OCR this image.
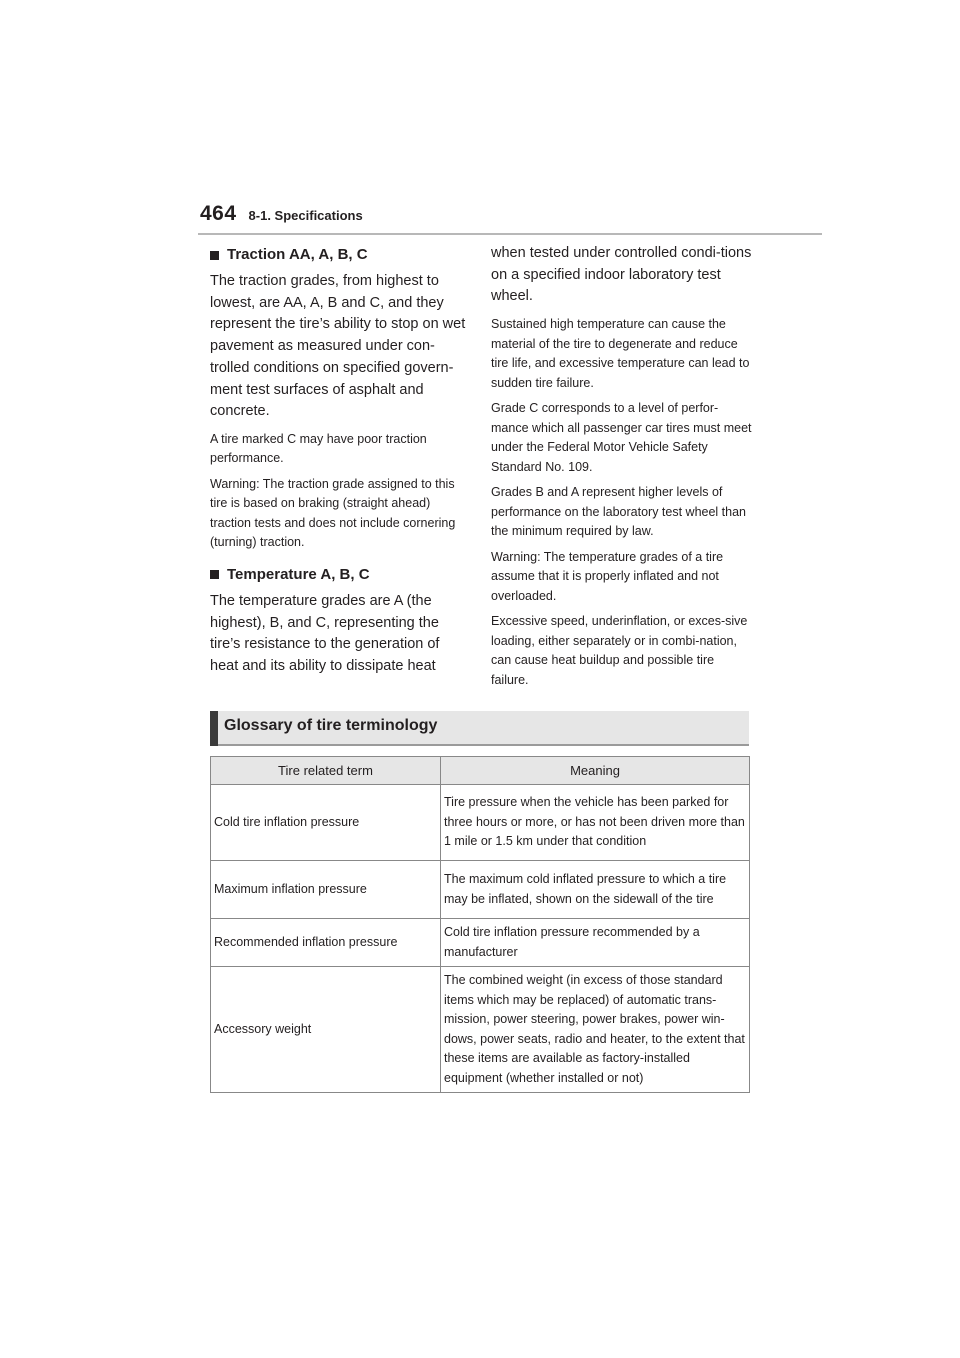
464 8-1. Specifications
Traction AA, A, B, C

The traction grades, from highest to lowest, are AA, A, B and C, and they represent the tire’s ability to stop on wet pavement as measured under con-trolled conditions on specified govern-ment test surfaces of asphalt and concrete.

A tire marked C may have poor traction performance.

Warning: The traction grade assigned to this tire is based on braking (straight ahead) traction tests and does not include cornering (turning) traction.

Temperature A, B, C

The temperature grades are A (the highest), B, and C, representing the tire’s resistance to the generation of heat and its ability to dissipate heat

when tested under controlled condi-tions on a specified indoor laboratory test wheel.

Sustained high temperature can cause the material of the tire to degenerate and reduce tire life, and excessive temperature can lead to sudden tire failure.

Grade C corresponds to a level of perfor-mance which all passenger car tires must meet under the Federal Motor Vehicle Safety Standard No. 109.

Grades B and A represent higher levels of performance on the laboratory test wheel than the minimum required by law.

Warning: The temperature grades of a tire assume that it is properly inflated and not overloaded.

Excessive speed, underinflation, or exces-sive loading, either separately or in combi-nation, can cause heat buildup and possible tire failure.

Glossary of tire terminology
Tire related term	Meaning
Cold tire inflation pressure	Tire pressure when the vehicle has been parked for three hours or more, or has not been driven more than 1 mile or 1.5 km under that condition
Maximum inflation pressure	The maximum cold inflated pressure to which a tire may be inflated, shown on the sidewall of the tire
Recommended inflation pressure	Cold tire inflation pressure recommended by a manufacturer
Accessory weight	The combined weight (in excess of those standard items which may be replaced) of automatic trans-mission, power steering, power brakes, power win-dows, power seats, radio and heater, to the extent that these items are available as factory-installed equipment (whether installed or not)
